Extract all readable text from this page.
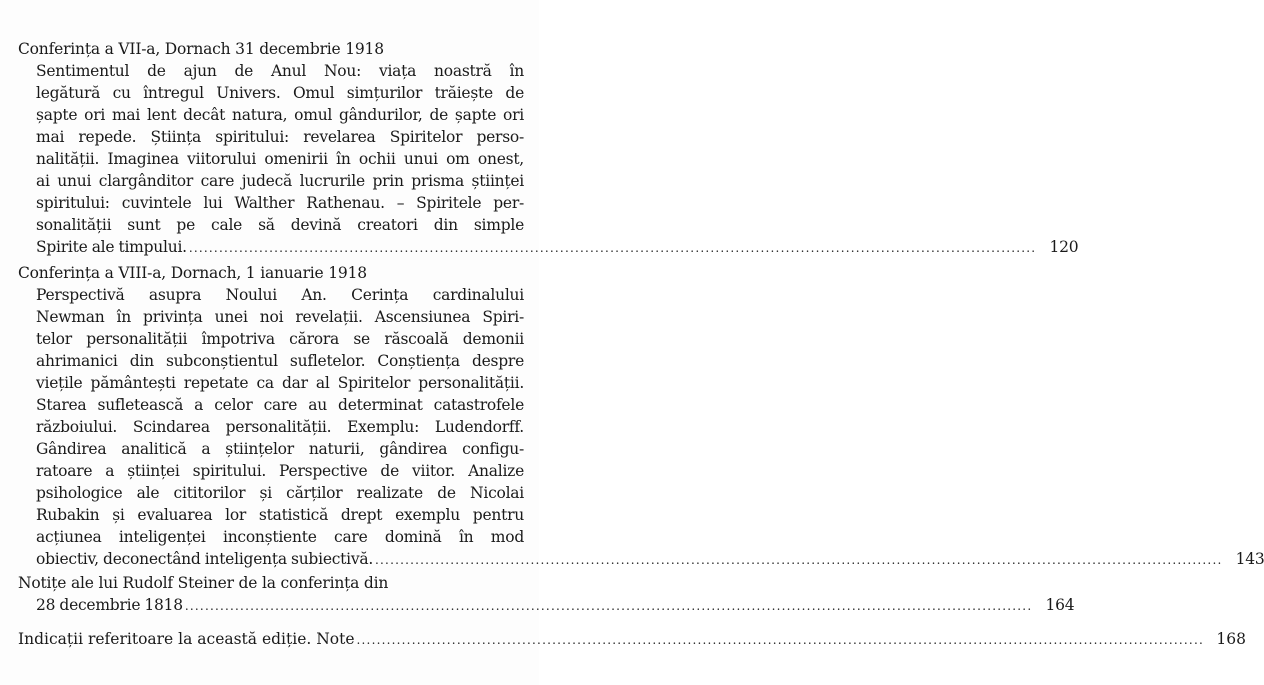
Conferința a VII-a, Dornach 31 decembrie 1918
Sentimentul de ajun de Anul Nou: viața noastră în
legătură cu întregul Univers. Omul simțurilor trăiește de
șapte ori mai lent decât natura, omul gândurilor, de șapte ori
mai repede. Știința spiritului: revelarea Spiritelor perso-
nalității. Imaginea viitorului omenirii în ochii unui om onest,
ai unui clargânditor care judecă lucrurile prin prisma științei
spiritului: cuvintele lui Walther Rathenau. – Spiritele per-
sonalității sunt pe cale să devină creatori din simple
Spirite ale timpului. .....	120
Conferința a VIII-a, Dornach, 1 ianuarie 1918
Perspectivă asupra Noului An. Cerința cardinalului
Newman în privința unei noi revelații. Ascensiunea Spiri-
telor personalității împotriva cărora se răscoală demonii
ahrimanici din subconștientul sufletelor. Conștiența despre
viețile pământești repetate ca dar al Spiritelor personalității.
Starea sufletească a celor care au determinat catastrofele
războiului. Scindarea personalității. Exemplu: Ludendorff.
Gândirea analitică a științelor naturii, gândirea configu-
ratoare a științei spiritului. Perspective de viitor. Analize
psihologice ale cititorilor și cărților realizate de Nicolai
Rubakin și evaluarea lor statistică drept exemplu pentru
acțiunea inteligenței inconștiente care domină în mod
obiectiv, deconectând inteligența subiectivă. .....	143
Notițe ale lui Rudolf Steiner de la conferința din
28 decembrie 1818 .....	164
Indicații referitoare la această ediție. Note .....	168
